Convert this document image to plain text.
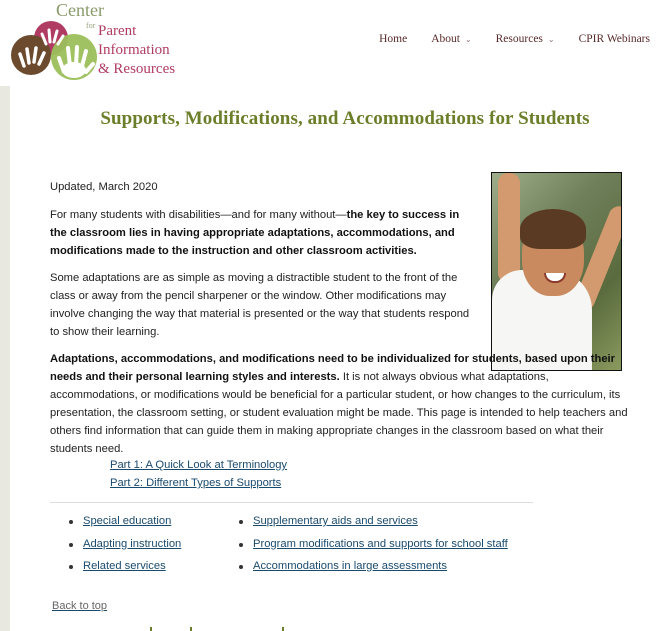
Center
for Parent
Information
& Resources
Home About ⌄ Resources ⌄ CPIR Webinars
Supports, Modifications, and Accommodations for Students

Updated, March 2020

For many students with disabilities—and for many without—the key to success in the classroom lies in having appropriate adaptations, accommodations, and modifications made to the instruction and other classroom activities.

Some adaptations are as simple as moving a distractible student to the front of the class or away from the pencil sharpener or the window. Other modifications may involve changing the way that material is presented or the way that students respond to show their learning.

Adaptations, accommodations, and modifications need to be individualized for students, based upon their needs and their personal learning styles and interests. It is not always obvious what adaptations, accommodations, or modifications would be beneficial for a particular student, or how changes to the curriculum, its presentation, the classroom setting, or student evaluation might be made. This page is intended to help teachers and others find information that can guide them in making appropriate changes in the classroom based on what their students need.

Part 1: A Quick Look at Terminology
Part 2: Different Types of Supports
Special education
Adapting instruction
Related services
Supplementary aids and services
Program modifications and supports for school staff
Accommodations in large assessments
Back to top
